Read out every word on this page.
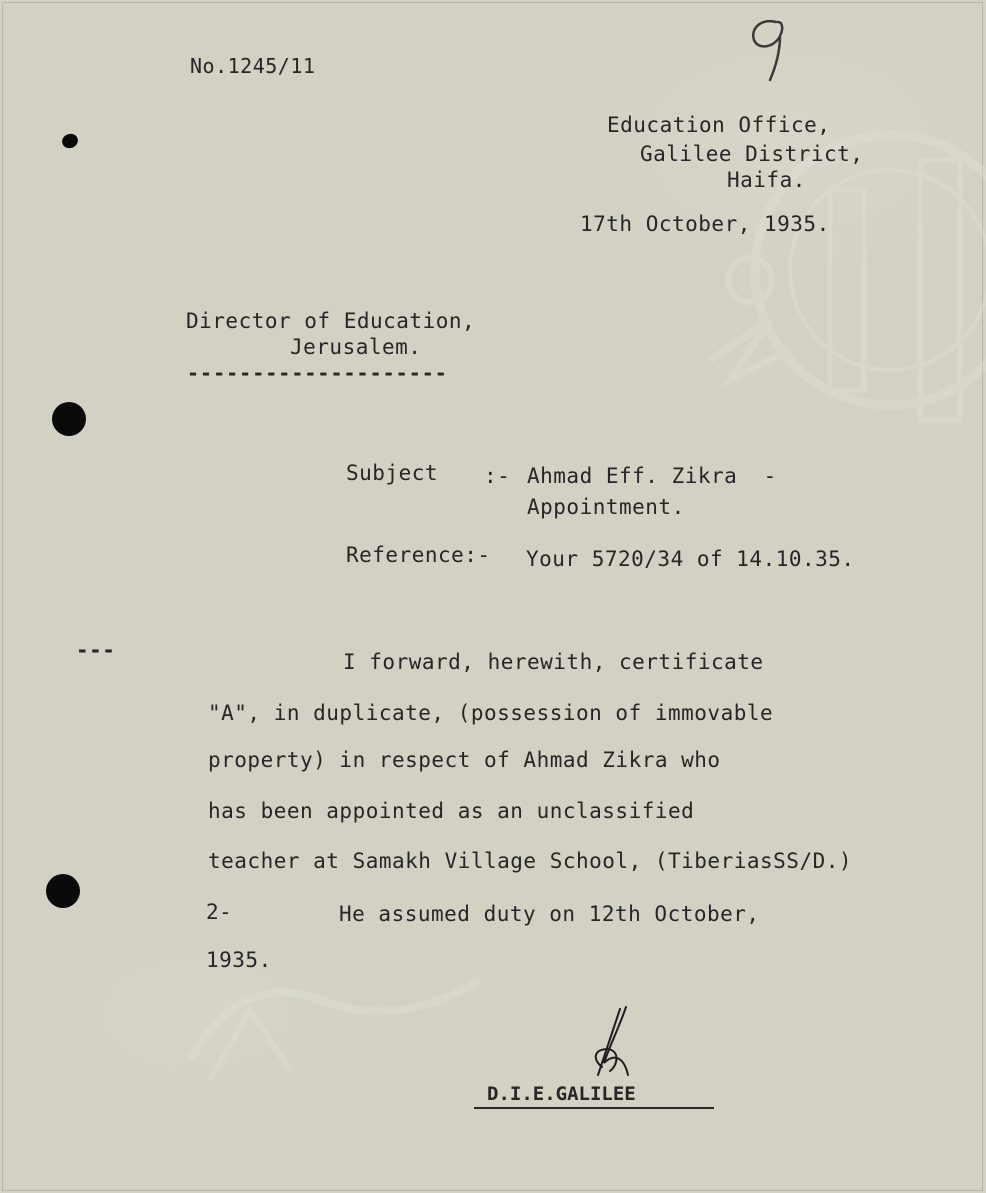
No.1245/11
Education Office,
Galilee District,
Haifa.
17th October, 1935.
Director of Education,
Jerusalem.
--------------------
Subject :- Ahmad Eff. Zikra  -
Appointment.
Reference:- Your 5720/34 of 14.10.35.
---	I forward, herewith, certificate
"A", in duplicate, (possession of immovable
property) in respect of Ahmad Zikra who
has been appointed as an unclassified
teacher at Samakh Village School, (TiberiasSS/D.)
2-	He assumed duty on 12th October,
1935.
D.I.E.GALILEE
